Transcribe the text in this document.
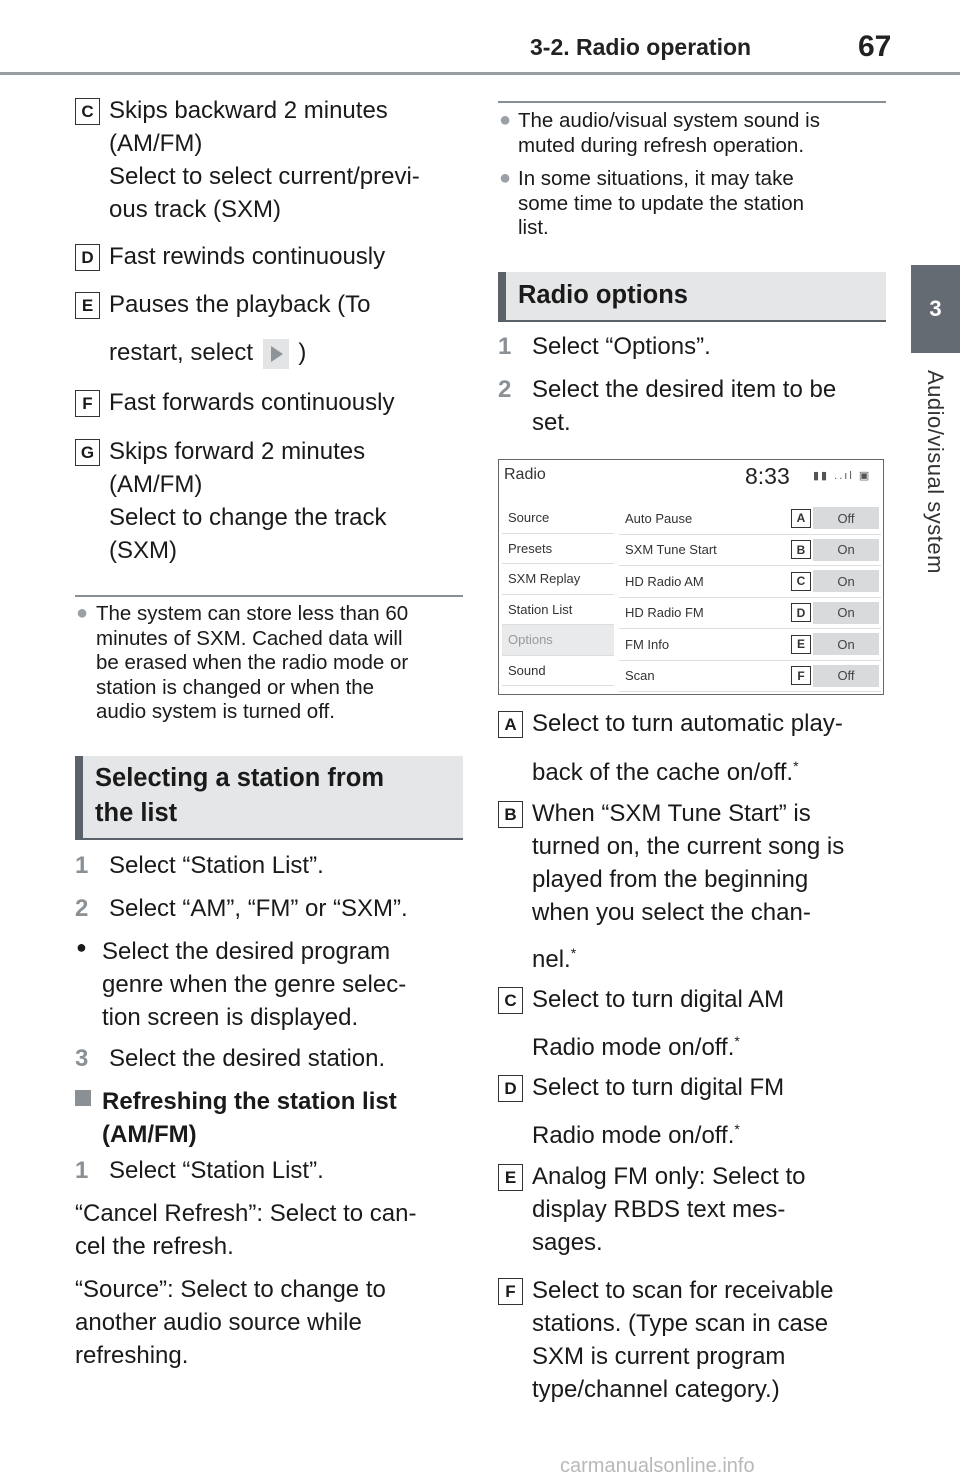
3-2. Radio operation	67
3
Audio/visual system
C Skips backward 2 minutes
(AM/FM)
Select to select current/previ-
ous track (SXM)
D Fast rewinds continuously
E Pauses the playback (To
restart, select )
F Fast forwards continuously
G Skips forward 2 minutes
(AM/FM)
Select to change the track
(SXM)
● The system can store less than 60
minutes of SXM. Cached data will
be erased when the radio mode or
station is changed or when the
audio system is turned off.
Selecting a station from
the list
1 Select “Station List”.
2 Select “AM”, “FM” or “SXM”.
● Select the desired program
genre when the genre selec-
tion screen is displayed.
3 Select the desired station.
Refreshing the station list
(AM/FM)
1 Select “Station List”.
“Cancel Refresh”: Select to can-
cel the refresh.
“Source”: Select to change to
another audio source while
refreshing.
● The audio/visual system sound is
muted during refresh operation.
● In some situations, it may take
some time to update the station
list.
Radio options
1 Select “Options”.
2 Select the desired item to be
set.
Radio	8:33 ▮▮ ..ıl ▣
Source
Presets
SXM Replay
Station List
Options
Sound
Auto Pause	A	Off
SXM Tune Start	B	On
HD Radio AM	C	On
HD Radio FM	D	On
FM Info	E	On
Scan	F	Off
A Select to turn automatic play-
back of the cache on/off.*
B When “SXM Tune Start” is
turned on, the current song is
played from the beginning
when you select the chan-
nel.*
C Select to turn digital AM
Radio mode on/off.*
D Select to turn digital FM
Radio mode on/off.*
E Analog FM only: Select to
display RBDS text mes-
sages.
F Select to scan for receivable
stations. (Type scan in case
SXM is current program
type/channel category.)
carmanualsonline.info
